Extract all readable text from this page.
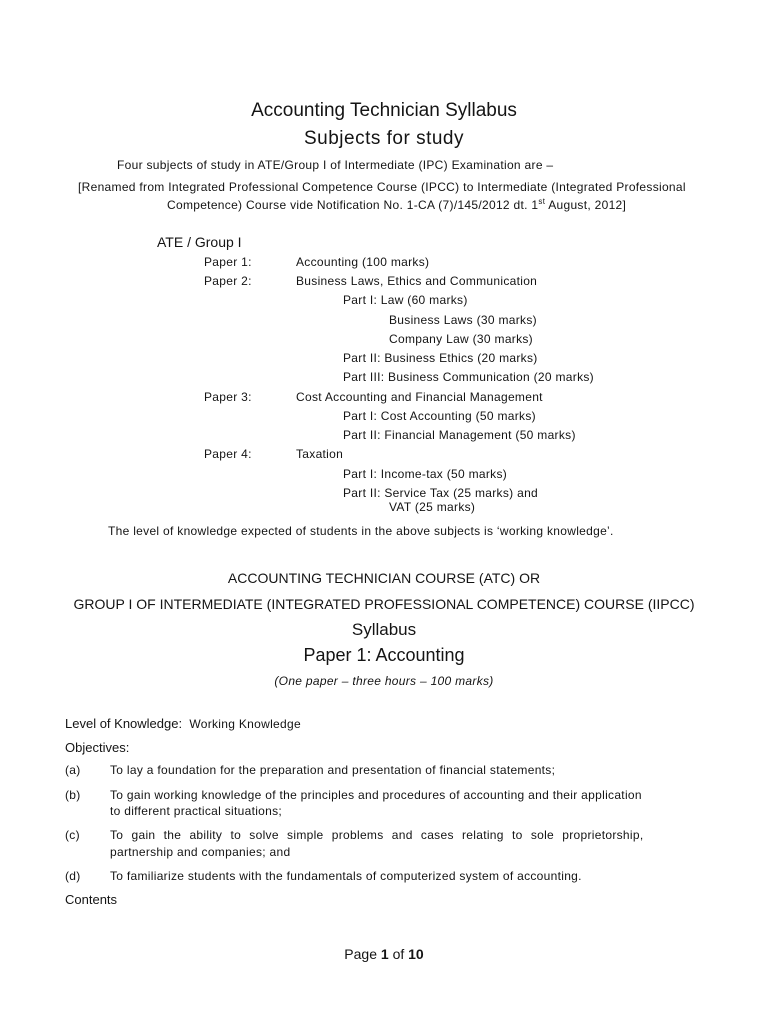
Accounting Technician Syllabus
Subjects for study
Four subjects of study in ATE/Group I of Intermediate (IPC) Examination are –
[Renamed from Integrated Professional Competence Course (IPCC) to Intermediate (Integrated Professional
Competence) Course vide Notification No. 1-CA (7)/145/2012 dt. 1st August, 2012]
ATE / Group I
Paper 1:	Accounting (100 marks)
Paper 2:	Business Laws, Ethics and Communication
Part I: Law (60 marks)
Business Laws (30 marks)
Company Law (30 marks)
Part II: Business Ethics (20 marks)
Part III: Business Communication (20 marks)
Paper 3:	Cost Accounting and Financial Management
Part I: Cost Accounting (50 marks)
Part II: Financial Management (50 marks)
Paper 4:	Taxation
Part I: Income-tax (50 marks)
Part II: Service Tax (25 marks) and
VAT (25 marks)
The level of knowledge expected of students in the above subjects is ‘working knowledge’.
ACCOUNTING TECHNICIAN COURSE (ATC) OR
GROUP I OF INTERMEDIATE (INTEGRATED PROFESSIONAL COMPETENCE) COURSE (IIPCC)
Syllabus
Paper 1: Accounting
(One paper – three hours – 100 marks)
Level of Knowledge: Working Knowledge
Objectives:
(a) To lay a foundation for the preparation and presentation of financial statements;
(b) To gain working knowledge of the principles and procedures of accounting and their application
to different practical situations;
(c)	To gain the ability to solve simple problems and cases relating to sole proprietorship,
partnership and companies; and
(d) To familiarize students with the fundamentals of computerized system of accounting.
Contents
Page 1 of 10
